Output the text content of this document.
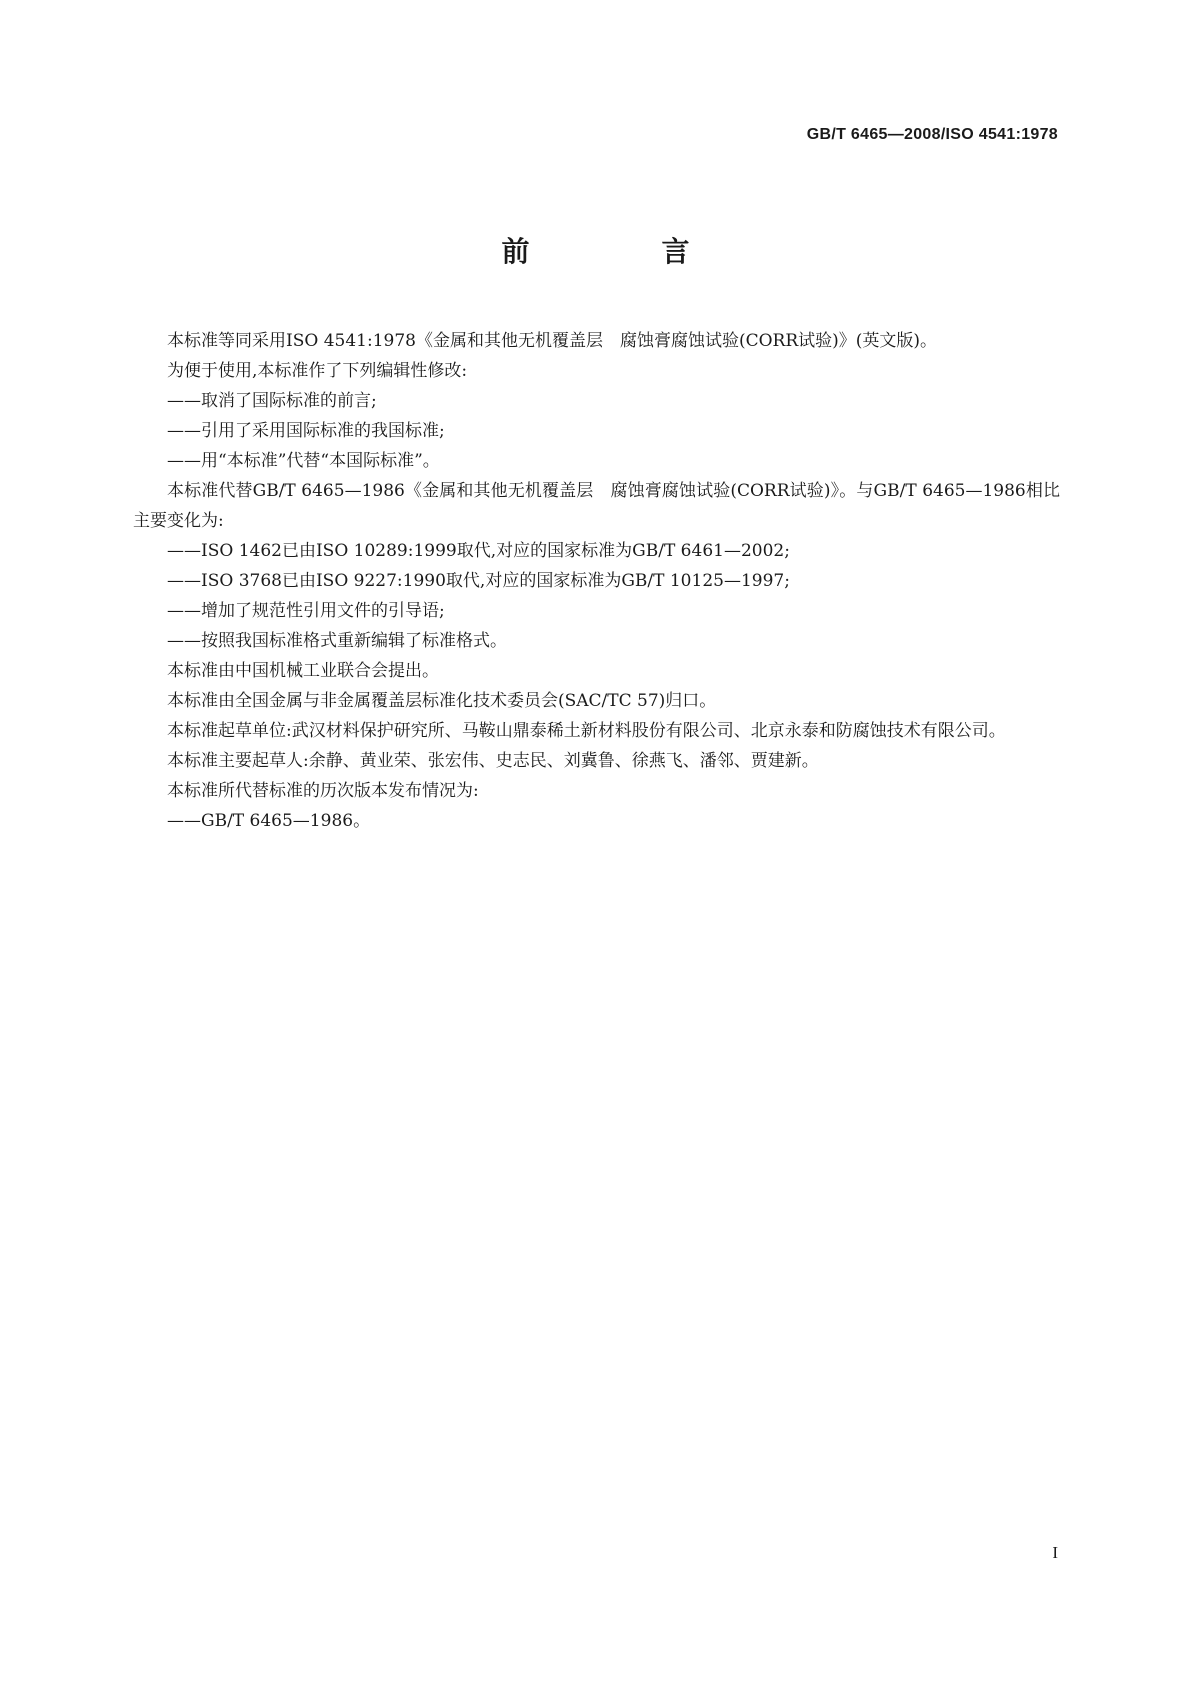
GB/T 6465—2008/ISO 4541:1978
前　言

本标准等同采用ISO 4541:1978《金属和其他无机覆盖层　腐蚀膏腐蚀试验(CORR试验)》(英文版)。

为便于使用,本标准作了下列编辑性修改:

——取消了国际标准的前言;

——引用了采用国际标准的我国标准;

——用“本标准”代替“本国际标准”。

本标准代替GB/T 6465—1986《金属和其他无机覆盖层　腐蚀膏腐蚀试验(CORR试验)》。与GB/T 6465—1986相比主要变化为:

——ISO 1462已由ISO 10289:1999取代,对应的国家标准为GB/T 6461—2002;

——ISO 3768已由ISO 9227:1990取代,对应的国家标准为GB/T 10125—1997;

——增加了规范性引用文件的引导语;

——按照我国标准格式重新编辑了标准格式。

本标准由中国机械工业联合会提出。

本标准由全国金属与非金属覆盖层标准化技术委员会(SAC/TC 57)归口。

本标准起草单位:武汉材料保护研究所、马鞍山鼎泰稀土新材料股份有限公司、北京永泰和防腐蚀技术有限公司。

本标准主要起草人:余静、黄业荣、张宏伟、史志民、刘冀鲁、徐燕飞、潘邻、贾建新。

本标准所代替标准的历次版本发布情况为:

——GB/T 6465—1986。

I
